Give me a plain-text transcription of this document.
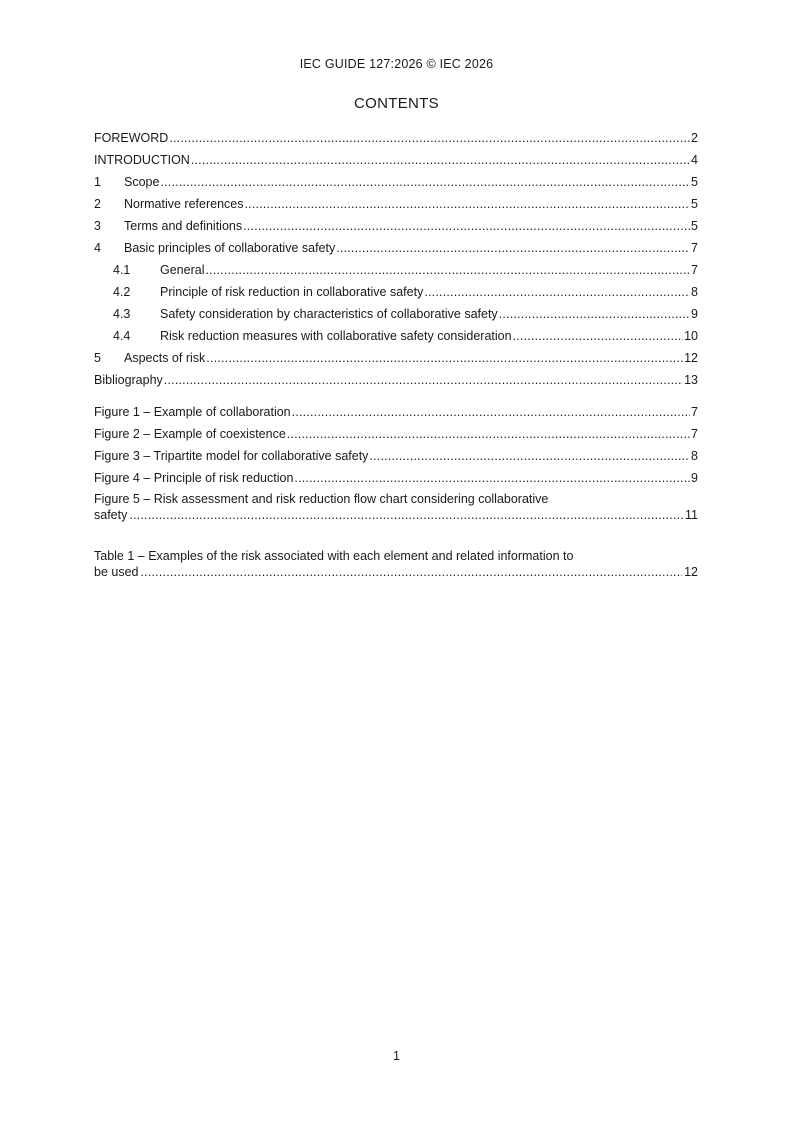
IEC GUIDE 127:2026 © IEC 2026
CONTENTS
FOREWORD .....	2
INTRODUCTION .....	4
1	Scope .....	5
2	Normative references .....	5
3	Terms and definitions .....	5
4	Basic principles of collaborative safety .....	7
4.1	General .....	7
4.2	Principle of risk reduction in collaborative safety .....	8
4.3	Safety consideration by characteristics of collaborative safety .....	9
4.4	Risk reduction measures with collaborative safety consideration .....	10
5	Aspects of risk .....	12
Bibliography .....	13
Figure 1 – Example of collaboration .....	7
Figure 2 – Example of coexistence .....	7
Figure 3 – Tripartite model for collaborative safety .....	8
Figure 4 – Principle of risk reduction .....	9
Figure 5 – Risk assessment and risk reduction flow chart considering collaborative
safety .....	11
Table 1 – Examples of the risk associated with each element and related information to
be used .....	12
1
